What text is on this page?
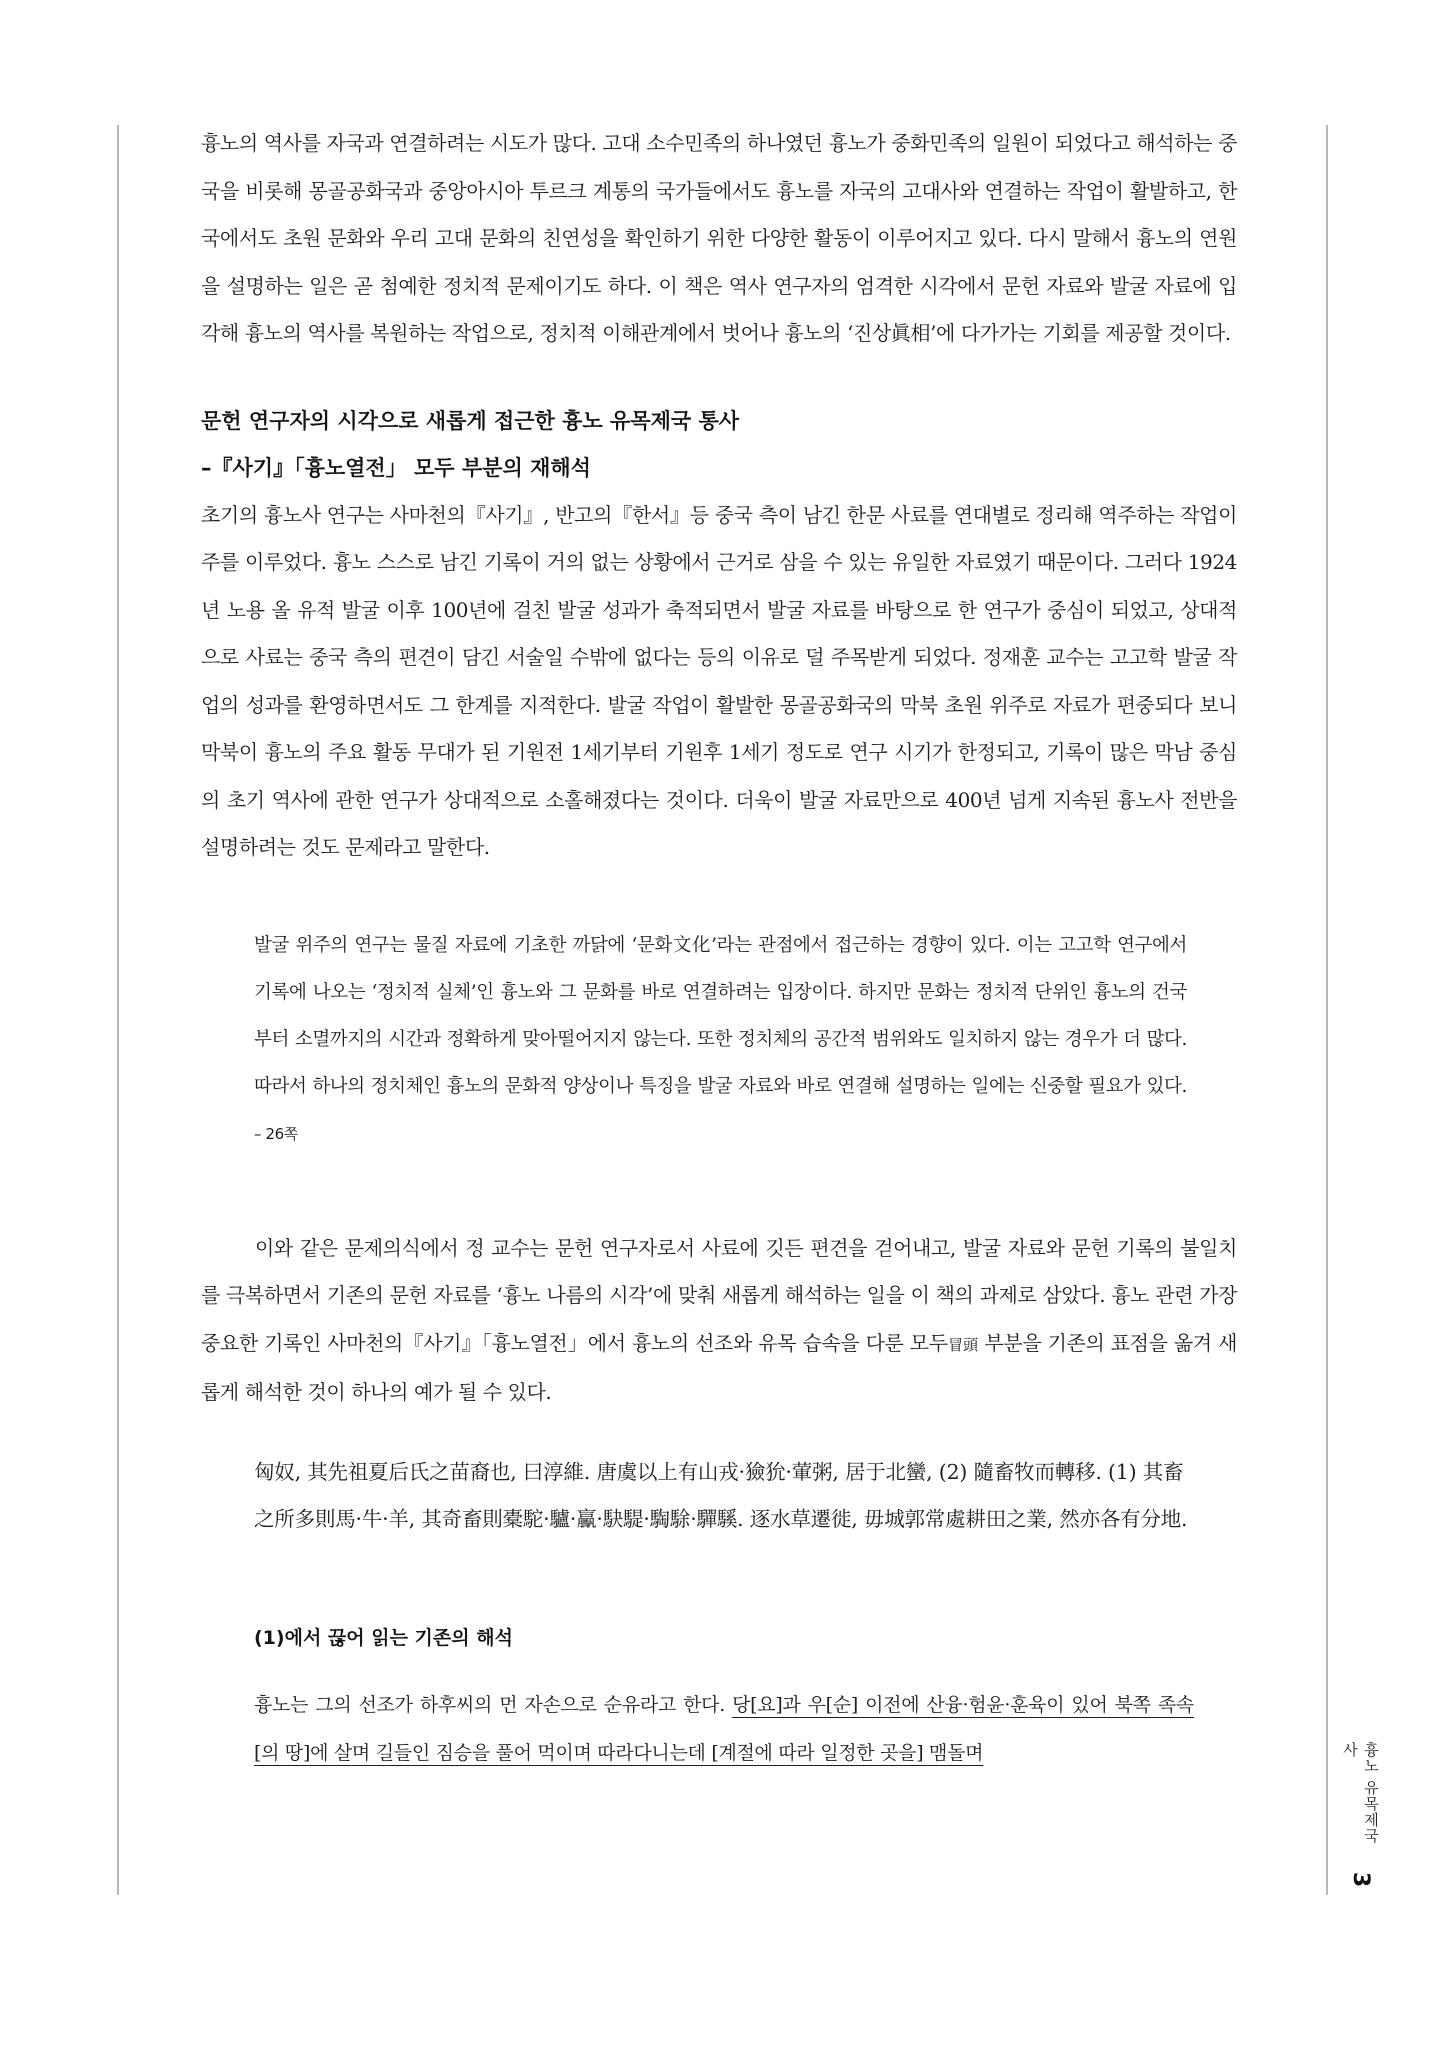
흉노의 역사를 자국과 연결하려는 시도가 많다. 고대 소수민족의 하나였던 흉노가 중화민족의 일원이 되었다고 해석하는 중국을 비롯해 몽골공화국과 중앙아시아 투르크 계통의 국가들에서도 흉노를 자국의 고대사와 연결하는 작업이 활발하고, 한국에서도 초원 문화와 우리 고대 문화의 친연성을 확인하기 위한 다양한 활동이 이루어지고 있다. 다시 말해서 흉노의 연원을 설명하는 일은 곧 첨예한 정치적 문제이기도 하다. 이 책은 역사 연구자의 엄격한 시각에서 문헌 자료와 발굴 자료에 입각해 흉노의 역사를 복원하는 작업으로, 정치적 이해관계에서 벗어나 흉노의 ‘진상眞相’에 다가가는 기회를 제공할 것이다.

문헌 연구자의 시각으로 새롭게 접근한 흉노 유목제국 통사

–『사기』「흉노열전」 모두 부분의 재해석

초기의 흉노사 연구는 사마천의『사기』, 반고의『한서』등 중국 측이 남긴 한문 사료를 연대별로 정리해 역주하는 작업이 주를 이루었다. 흉노 스스로 남긴 기록이 거의 없는 상황에서 근거로 삼을 수 있는 유일한 자료였기 때문이다. 그러다 1924년 노용 올 유적 발굴 이후 100년에 걸친 발굴 성과가 축적되면서 발굴 자료를 바탕으로 한 연구가 중심이 되었고, 상대적으로 사료는 중국 측의 편견이 담긴 서술일 수밖에 없다는 등의 이유로 덜 주목받게 되었다. 정재훈 교수는 고고학 발굴 작업의 성과를 환영하면서도 그 한계를 지적한다. 발굴 작업이 활발한 몽골공화국의 막북 초원 위주로 자료가 편중되다 보니 막북이 흉노의 주요 활동 무대가 된 기원전 1세기부터 기원후 1세기 정도로 연구 시기가 한정되고, 기록이 많은 막남 중심의 초기 역사에 관한 연구가 상대적으로 소홀해졌다는 것이다. 더욱이 발굴 자료만으로 400년 넘게 지속된 흉노사 전반을 설명하려는 것도 문제라고 말한다.

발굴 위주의 연구는 물질 자료에 기초한 까닭에 ‘문화文化’라는 관점에서 접근하는 경향이 있다. 이는 고고학 연구에서 기록에 나오는 ‘정치적 실체’인 흉노와 그 문화를 바로 연결하려는 입장이다. 하지만 문화는 정치적 단위인 흉노의 건국부터 소멸까지의 시간과 정확하게 맞아떨어지지 않는다. 또한 정치체의 공간적 범위와도 일치하지 않는 경우가 더 많다. 따라서 하나의 정치체인 흉노의 문화적 양상이나 특징을 발굴 자료와 바로 연결해 설명하는 일에는 신중할 필요가 있다. – 26쪽

이와 같은 문제의식에서 정 교수는 문헌 연구자로서 사료에 깃든 편견을 걷어내고, 발굴 자료와 문헌 기록의 불일치를 극복하면서 기존의 문헌 자료를 ‘흉노 나름의 시각’에 맞춰 새롭게 해석하는 일을 이 책의 과제로 삼았다. 흉노 관련 가장 중요한 기록인 사마천의『사기』「흉노열전」에서 흉노의 선조와 유목 습속을 다룬 모두冒頭 부분을 기존의 표점을 옮겨 새롭게 해석한 것이 하나의 예가 될 수 있다.

匈奴, 其先祖夏后氏之苗裔也, 曰淳維. 唐虞以上有山戎·獫狁·葷粥, 居于北蠻, (2) 隨畜牧而轉移. (1) 其畜之所多則馬·牛·羊, 其奇畜則橐駝·驢·驘·駃騠·騊駼·驒騱. 逐水草遷徙, 毋城郭常處耕田之業, 然亦各有分地.

(1)에서 끊어 읽는 기존의 해석

흉노는 그의 선조가 하후씨의 먼 자손으로 순유라고 한다. 당[요]과 우[순] 이전에 산융·험윤·훈육이 있어 북쪽 족속[의 땅]에 살며 길들인 짐승을 풀어 먹이며 따라다니는데 [계절에 따라 일정한 곳을] 맴돌며	흉노 유목제국사
3
